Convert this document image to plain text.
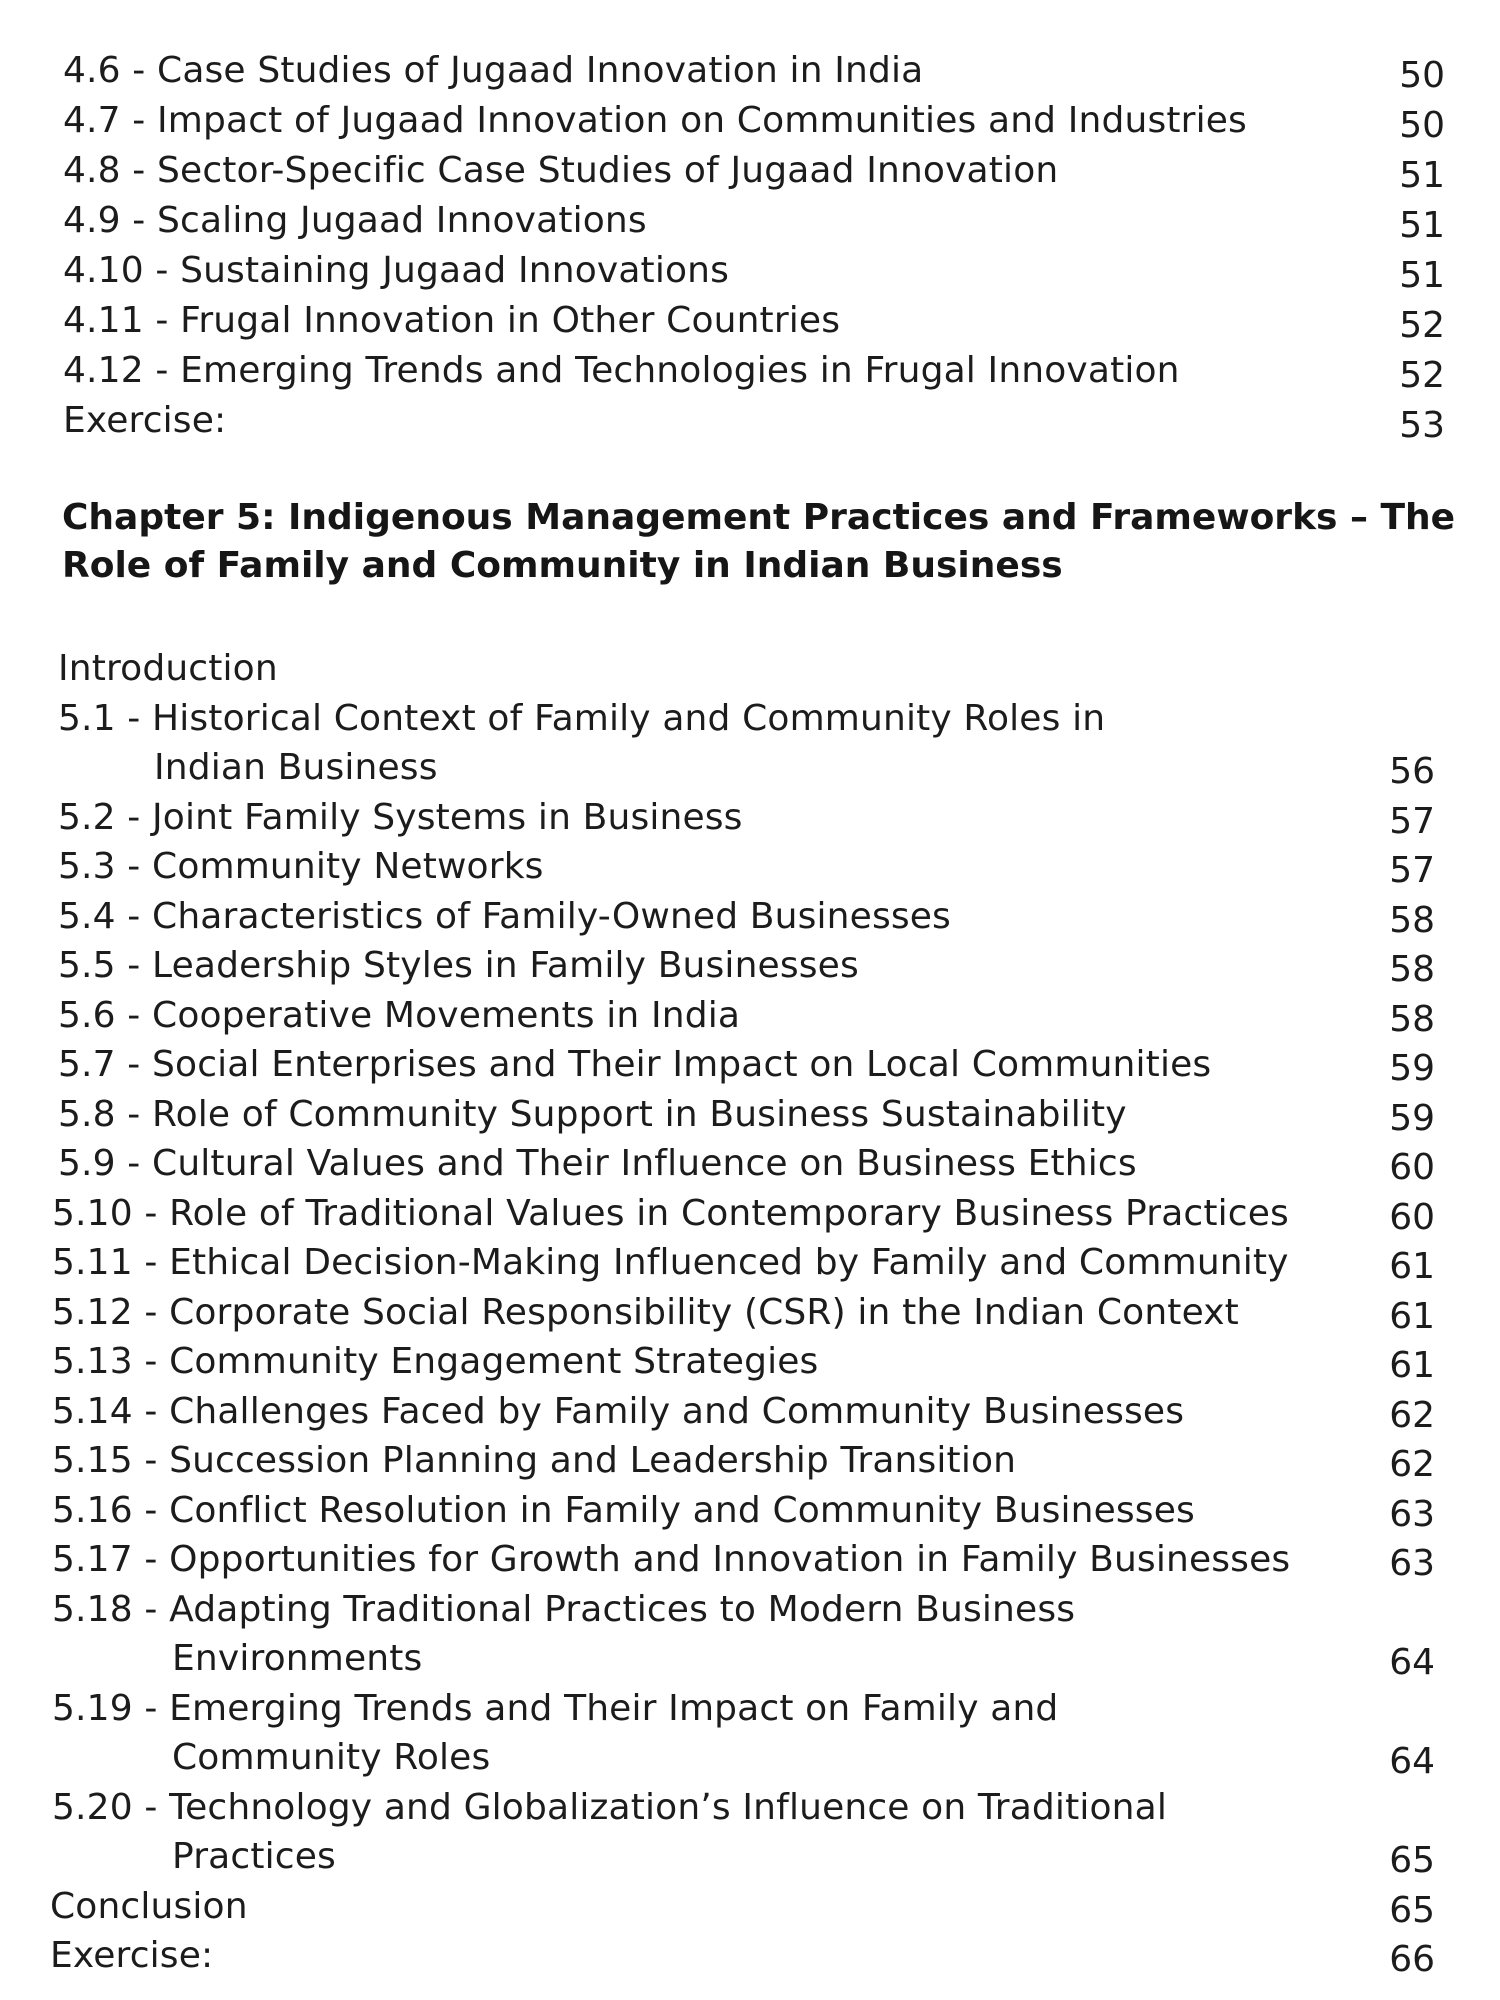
4.6 - Case Studies of Jugaad Innovation in India	50
4.7 - Impact of Jugaad Innovation on Communities and Industries	50
4.8 - Sector-Specific Case Studies of Jugaad Innovation	51
4.9 - Scaling Jugaad Innovations	51
4.10 - Sustaining Jugaad Innovations	51
4.11 - Frugal Innovation in Other Countries	52
4.12 - Emerging Trends and Technologies in Frugal Innovation	52
Exercise:	53
Chapter 5: Indigenous Management Practices and Frameworks – The
Role of Family and Community in Indian Business
Introduction
5.1 - Historical Context of Family and Community Roles in
Indian Business	56
5.2 - Joint Family Systems in Business	57
5.3 - Community Networks	57
5.4 - Characteristics of Family-Owned Businesses	58
5.5 - Leadership Styles in Family Businesses	58
5.6 - Cooperative Movements in India	58
5.7 - Social Enterprises and Their Impact on Local Communities	59
5.8 - Role of Community Support in Business Sustainability	59
5.9 - Cultural Values and Their Influence on Business Ethics	60
5.10 - Role of Traditional Values in Contemporary Business Practices	60
5.11 - Ethical Decision-Making Influenced by Family and Community	61
5.12 - Corporate Social Responsibility (CSR) in the Indian Context	61
5.13 - Community Engagement Strategies	61
5.14 - Challenges Faced by Family and Community Businesses	62
5.15 - Succession Planning and Leadership Transition	62
5.16 - Conflict Resolution in Family and Community Businesses	63
5.17 - Opportunities for Growth and Innovation in Family Businesses	63
5.18 - Adapting Traditional Practices to Modern Business
Environments	64
5.19 - Emerging Trends and Their Impact on Family and
Community Roles	64
5.20 - Technology and Globalization’s Influence on Traditional
Practices	65
Conclusion	65
Exercise:	66
